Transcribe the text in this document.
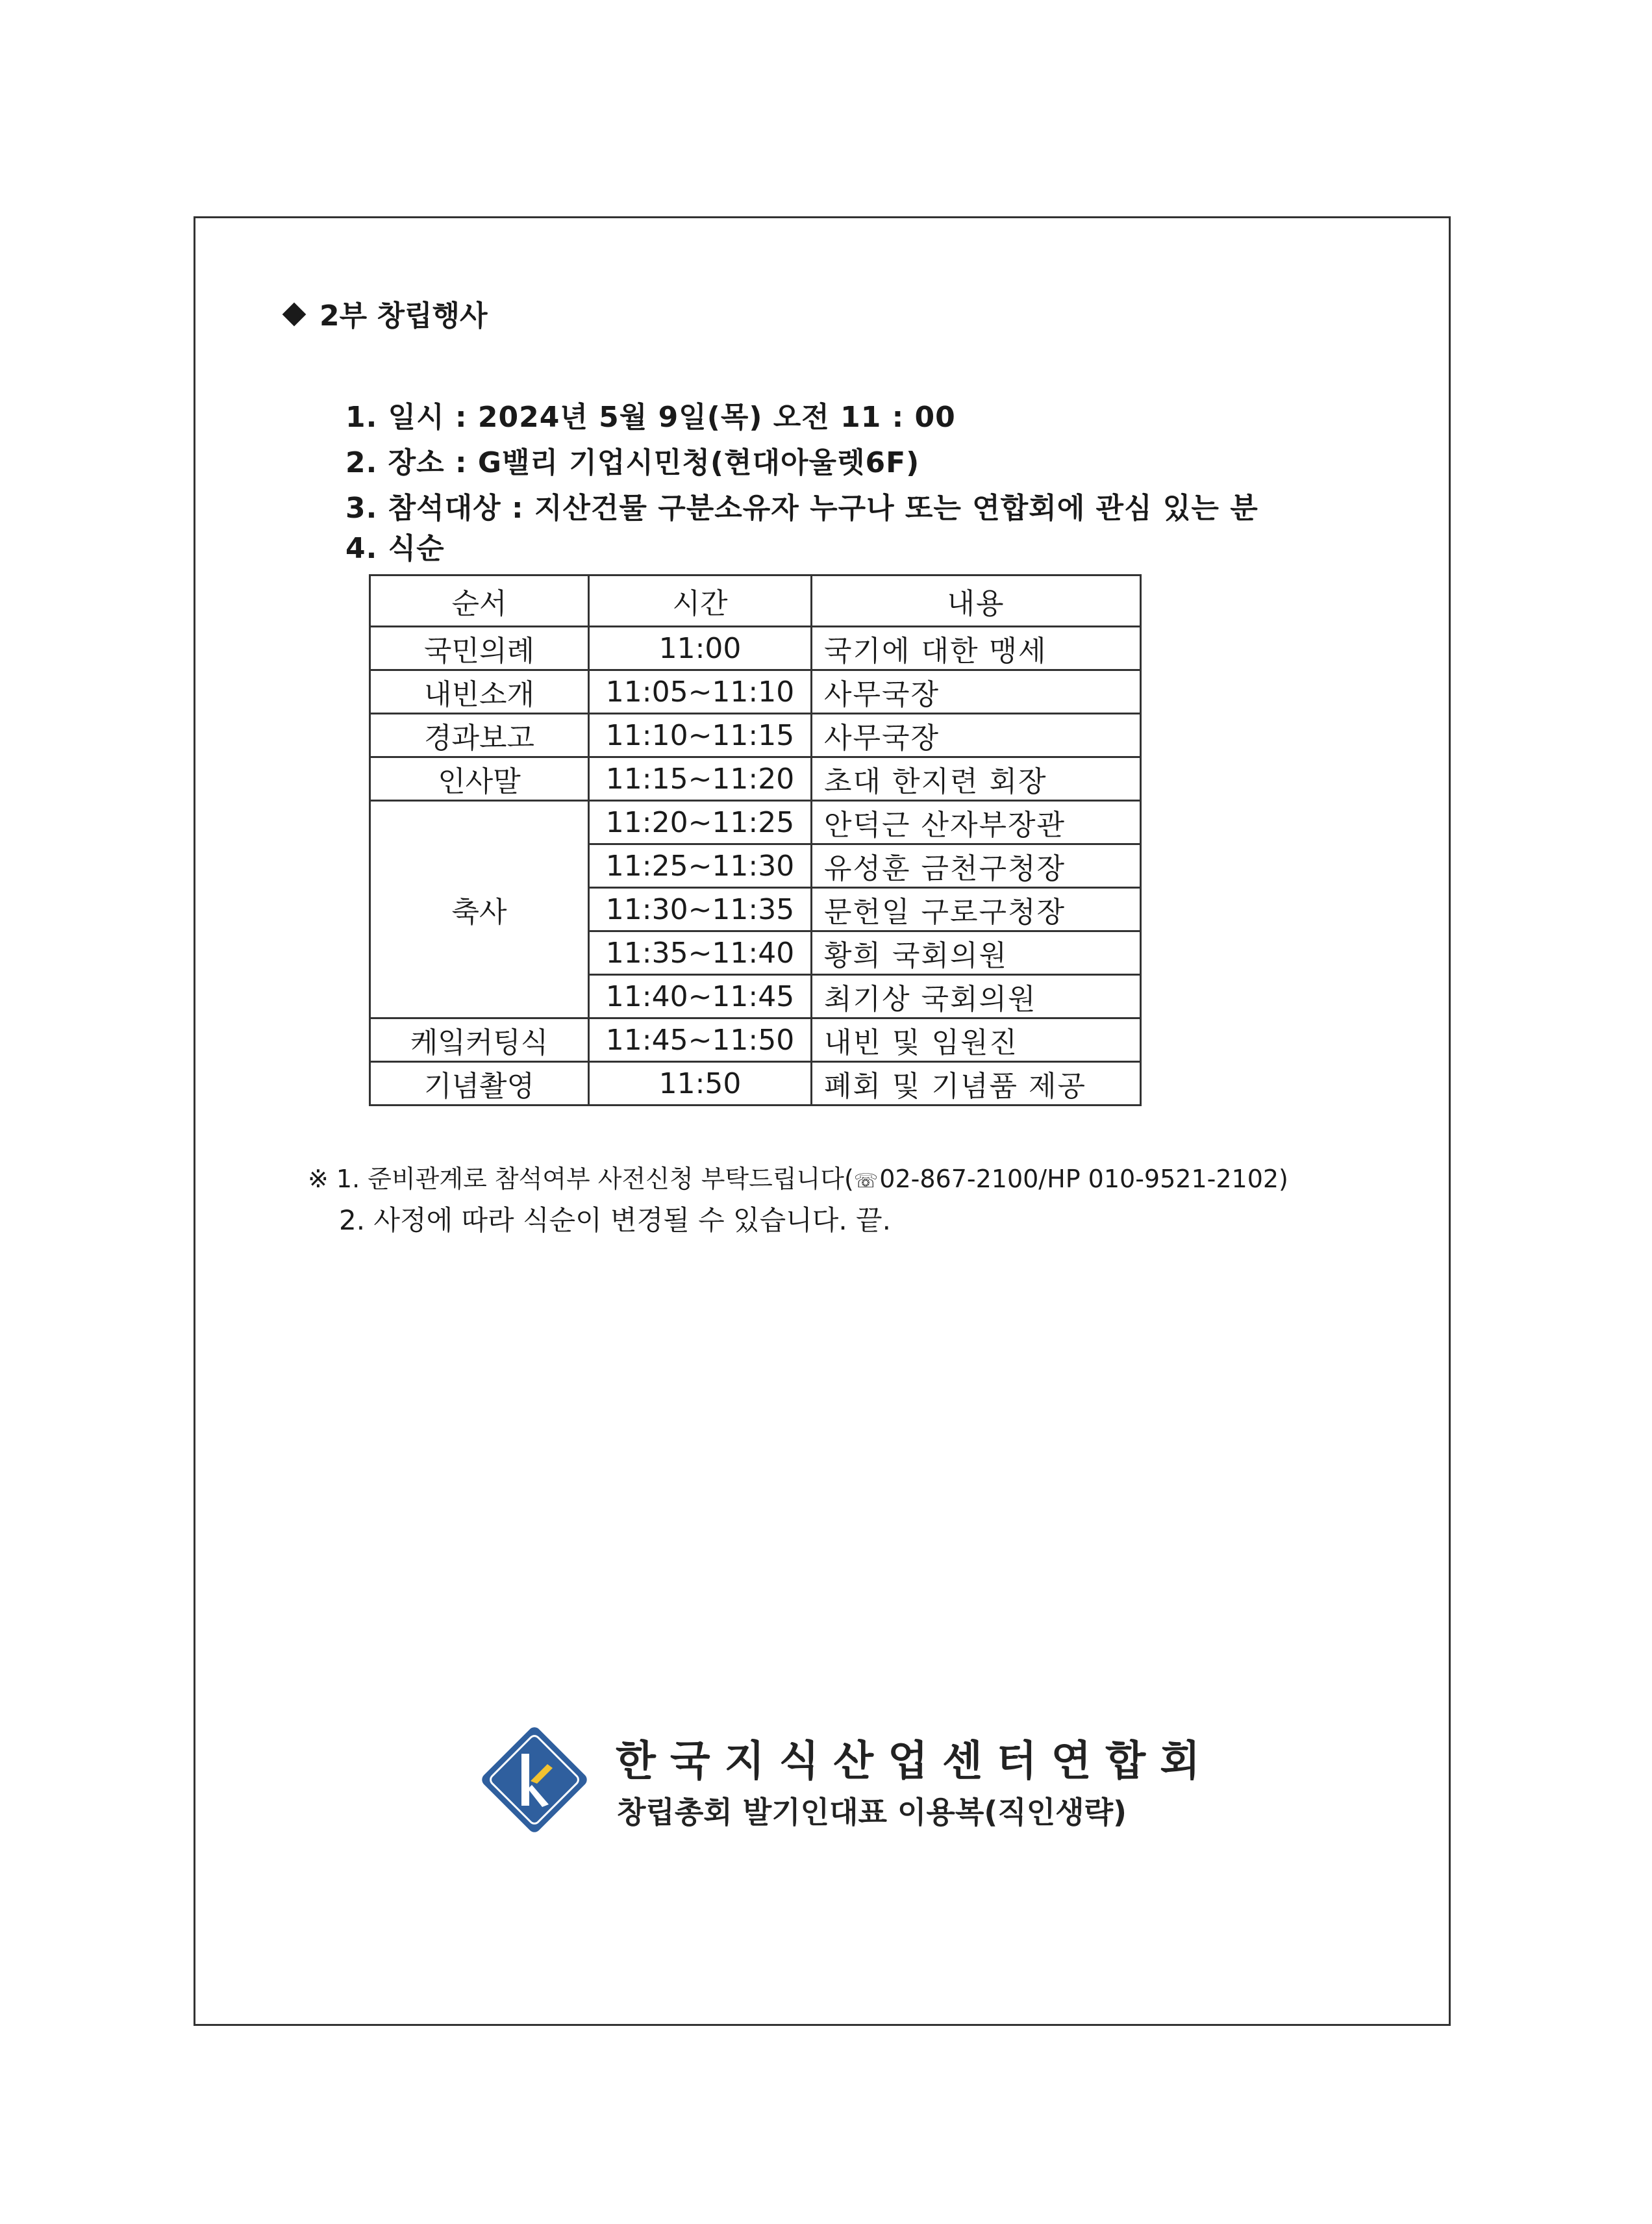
2부 창립행사
1. 일시 : 2024년 5월 9일(목) 오전 11 : 00
2. 장소 : G밸리 기업시민청(현대아울렛6F)
3. 참석대상 : 지산건물 구분소유자 누구나 또는 연합회에 관심 있는 분
4. 식순
순서	시간	내용
국민의례	11:00	국기에 대한 맹세
내빈소개	11:05~11:10	사무국장
경과보고	11:10~11:15	사무국장
인사말	11:15~11:20	초대 한지련 회장
축사	11:20~11:25	안덕근 산자부장관
	11:25~11:30	유성훈 금천구청장
	11:30~11:35	문헌일 구로구청장
	11:35~11:40	황희 국회의원
	11:40~11:45	최기상 국회의원
케잌커팅식	11:45~11:50	내빈 및 임원진
기념촬영	11:50	폐회 및 기념품 제공
※ 1. 준비관계로 참석여부 사전신청 부탁드립니다(☏02-867-2100/HP 010-9521-2102)
2. 사정에 따라 식순이 변경될 수 있습니다. 끝.
한국지식산업센터연합회
창립총회 발기인대표 이용복(직인생략)
